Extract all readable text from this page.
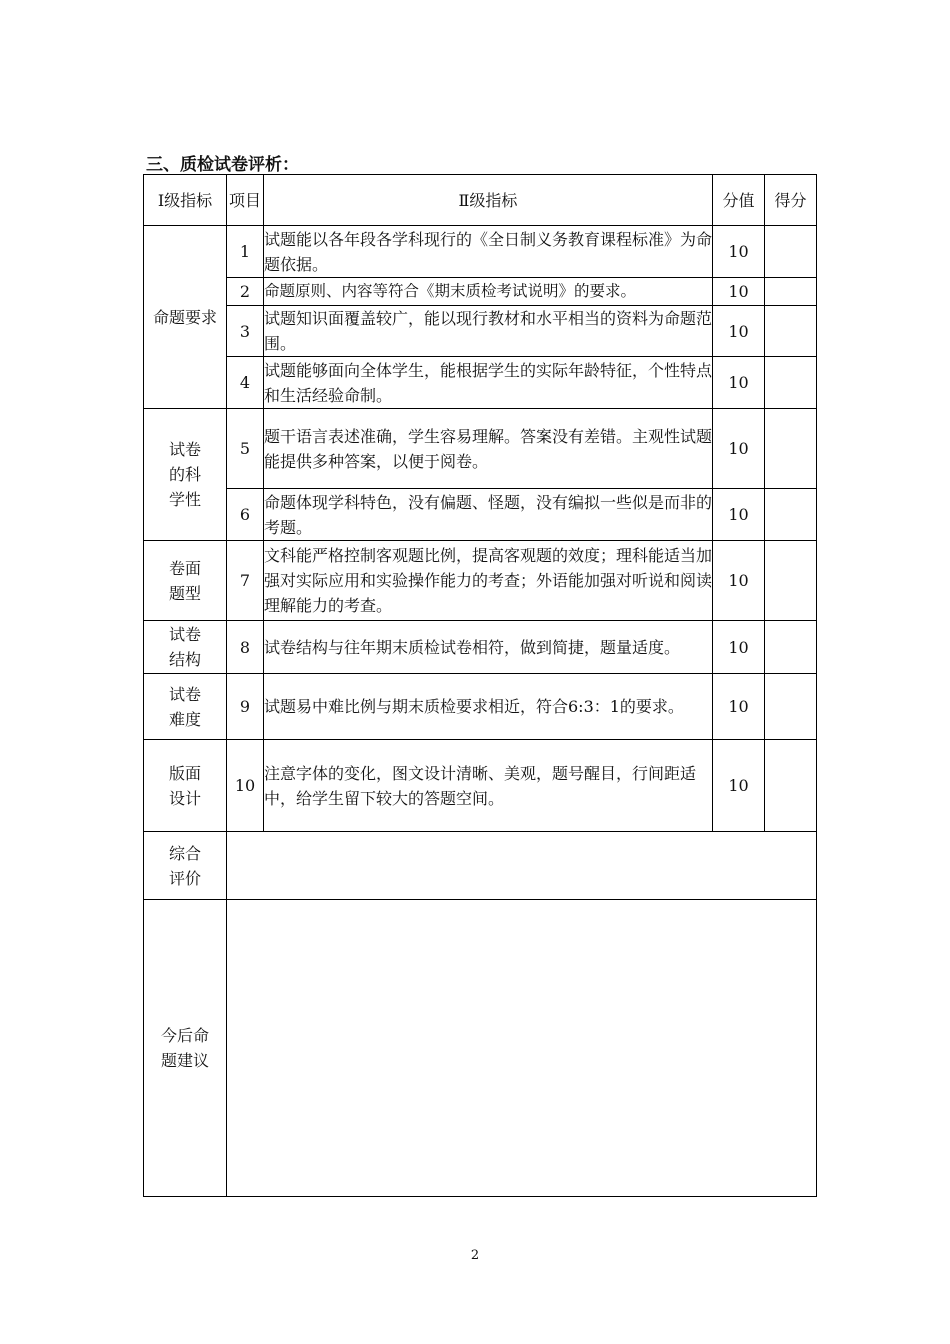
三、质检试卷评析：
Ⅰ级指标	项目	Ⅱ级指标	分值	得分
命题要求	1	试题能以各年段各学科现行的《全日制义务教育课程标准》为命题依据。	10	
	2	命题原则、内容等符合《期末质检考试说明》的要求。	10	
	3	试题知识面覆盖较广，能以现行教材和水平相当的资料为命题范围。	10	
	4	试题能够面向全体学生，能根据学生的实际年龄特征，个性特点和生活经验命制。	10	
试卷的科学性	5	题干语言表述准确，学生容易理解。答案没有差错。主观性试题能提供多种答案，以便于阅卷。	10	
	6	命题体现学科特色，没有偏题、怪题，没有编拟一些似是而非的考题。	10	
卷面题型	7	文科能严格控制客观题比例，提高客观题的效度；理科能适当加强对实际应用和实验操作能力的考查；外语能加强对听说和阅读理解能力的考查。	10	
试卷结构	8	试卷结构与往年期末质检试卷相符，做到简捷，题量适度。	10	
试卷难度	9	试题易中难比例与期末质检要求相近，符合6:3：1的要求。	10	
版面设计	10	注意字体的变化，图文设计清晰、美观，题号醒目，行间距适中，给学生留下较大的答题空间。	10	
综合评价				
今后命题建议				
2
